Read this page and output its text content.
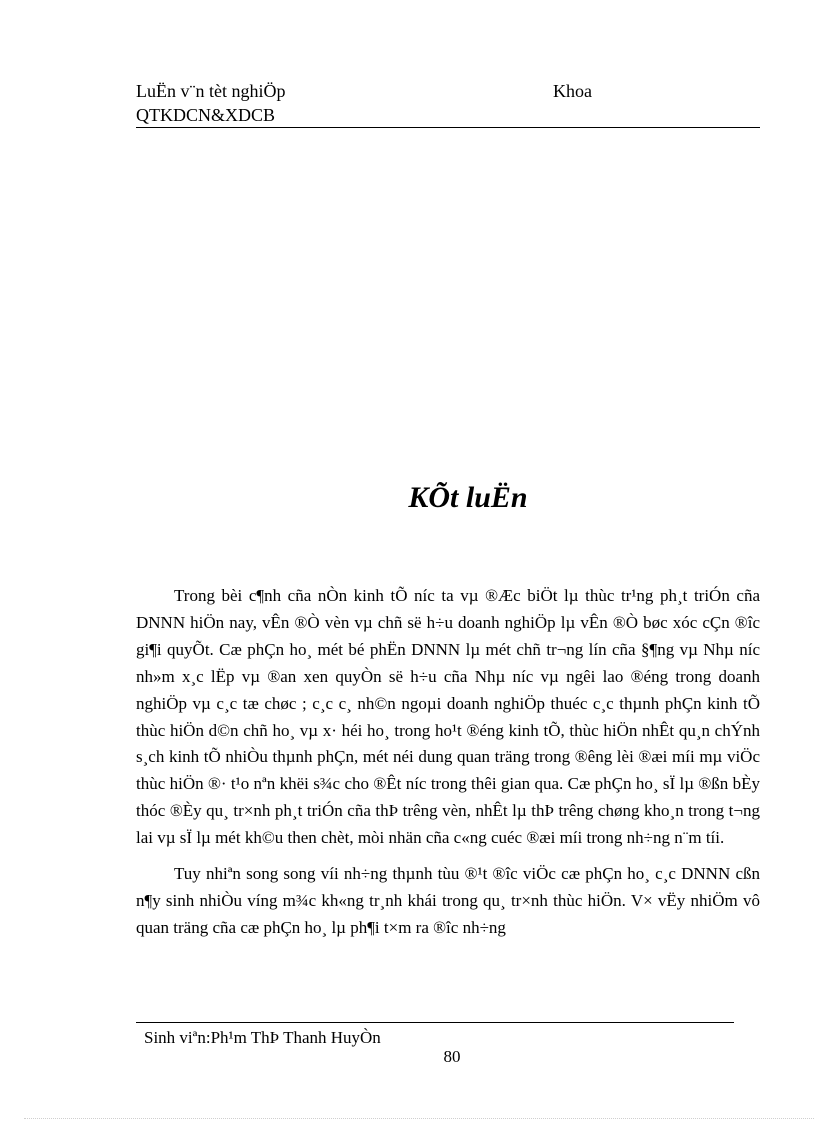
LuËn v¨n tèt nghiÖp	Khoa
QTKDCN&XDCB
KÕt luËn

Trong bèi c¶nh cña nÒn kinh tÕ níc ta vµ ®Æc biÖt lµ thùc tr¹ng ph¸t triÓn cña DNNN hiÖn nay, vÊn ®Ò vèn vµ chñ së h÷u doanh nghiÖp lµ vÊn ®Ò bøc xóc cÇn ®îc gi¶i quyÕt. Cæ phÇn ho¸ mét bé phËn DNNN lµ mét chñ tr¬ng lín cña §¶ng vµ Nhµ níc nh»m x¸c lËp vµ ®an xen quyÒn së h÷u cña Nhµ níc vµ ngêi lao ®éng trong doanh nghiÖp vµ c¸c tæ chøc ; c¸c c¸ nh©n ngoµi doanh nghiÖp thuéc c¸c thµnh phÇn kinh tÕ thùc hiÖn d©n chñ ho¸ vµ x· héi ho¸ trong ho¹t ®éng kinh tÕ, thùc hiÖn nhÊt qu¸n chÝnh s¸ch kinh tÕ nhiÒu thµnh phÇn, mét néi dung quan träng trong ®êng lèi ®æi míi mµ viÖc thùc hiÖn ®· t¹o nªn khëi s¾c cho ®Êt níc trong thêi gian qua. Cæ phÇn ho¸ sÏ lµ ®ßn bÈy thóc ®Èy qu¸ tr×nh ph¸t triÓn cña thÞ trêng vèn, nhÊt lµ thÞ trêng chøng kho¸n trong t¬ng lai vµ sÏ lµ mét kh©u then chèt, mòi nhän cña c«ng cuéc ®æi míi trong nh÷ng n¨m tíi.

Tuy nhiªn song song víi nh÷ng thµnh tùu ®¹t ®îc viÖc cæ phÇn ho¸ c¸c DNNN cßn n¶y sinh nhiÒu víng m¾c kh«ng tr¸nh khái trong qu¸ tr×nh thùc hiÖn. V× vËy nhiÖm vô quan träng cña cæ phÇn ho¸ lµ ph¶i t×m ra ®îc nh÷ng

Sinh viªn:Ph¹m ThÞ Thanh HuyÒn
80
